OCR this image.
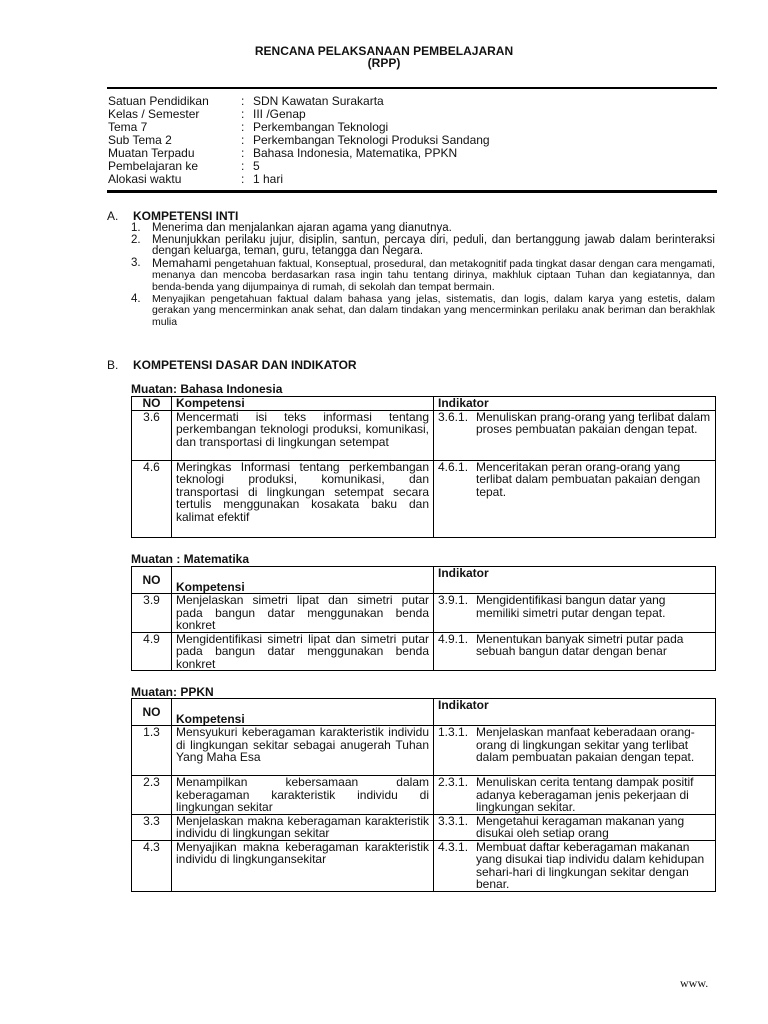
RENCANA PELAKSANAAN PEMBELAJARAN
(RPP)
Satuan Pendidikan	: SDN Kawatan Surakarta
Kelas / Semester	: III /Genap
Tema 7	: Perkembangan Teknologi
Sub Tema 2	: Perkembangan Teknologi Produksi Sandang
Muatan Terpadu	: Bahasa Indonesia, Matematika, PPKN
Pembelajaran ke	: 5
Alokasi waktu	: 1 hari
A. KOMPETENSI INTI
1. Menerima dan menjalankan ajaran agama yang dianutnya.
2. Menunjukkan perilaku jujur, disiplin, santun, percaya diri, peduli, dan bertanggung jawab dalam berinteraksi dengan keluarga, teman, guru, tetangga dan Negara.
3. Memahami pengetahuan faktual, Konseptual, prosedural, dan metakognitif pada tingkat dasar dengan cara mengamati, menanya dan mencoba berdasarkan rasa ingin tahu tentang dirinya, makhluk ciptaan Tuhan dan kegiatannya, dan benda-benda yang dijumpainya di rumah, di sekolah dan tempat bermain.
4.	Menyajikan pengetahuan faktual dalam bahasa yang jelas, sistematis, dan logis, dalam karya yang estetis, dalam gerakan yang mencerminkan anak sehat, dan dalam tindakan yang mencerminkan perilaku anak beriman dan berakhlak mulia
B. KOMPETENSI DASAR DAN INDIKATOR
Muatan: Bahasa Indonesia
NO	Kompetensi	Indikator
3.6	Mencermati isi teks informasi tentang perkembangan teknologi produksi, komunikasi, dan transportasi di lingkungan setempat	3.6.1. Menuliskan prang-orang yang terlibat dalam proses pembuatan pakaian dengan tepat.

4.6	Meringkas Informasi tentang perkembangan teknologi produksi, komunikasi, dan transportasi di lingkungan setempat secara tertulis menggunakan kosakata baku dan kalimat efektif	4.6.1. Menceritakan peran orang-orang yang terlibat dalam pembuatan pakaian dengan tepat.
Muatan : Matematika
NO	Kompetensi	Indikator
3.9	Menjelaskan simetri lipat dan simetri putar pada bangun datar menggunakan benda konkret	3.9.1. Mengidentifikasi bangun datar yang memiliki simetri putar dengan tepat.

4.9	Mengidentifikasi simetri lipat dan simetri putar pada bangun datar menggunakan benda konkret	4.9.1. Menentukan banyak simetri putar pada sebuah bangun datar dengan benar
Muatan: PPKN
NO	Kompetensi	Indikator
1.3	Mensyukuri keberagaman karakteristik individu di lingkungan sekitar sebagai anugerah Tuhan Yang Maha Esa	1.3.1. Menjelaskan manfaat keberadaan orang-orang di lingkungan sekitar yang terlibat dalam pembuatan pakaian dengan tepat.

2.3	Menampilkan kebersamaan dalam keberagaman karakteristik individu di lingkungan sekitar	2.3.1. Menuliskan cerita tentang dampak positif adanya keberagaman jenis pekerjaan di lingkungan sekitar.

3.3	Menjelaskan makna keberagaman karakteristik individu di lingkungan sekitar	3.3.1. Mengetahui keragaman makanan yang disukai oleh setiap orang

4.3	Menyajikan makna keberagaman karakteristik individu di lingkungansekitar	4.3.1. Membuat daftar keberagaman makanan yang disukai tiap individu dalam kehidupan sehari-hari di lingkungan sekitar dengan benar.
www.
